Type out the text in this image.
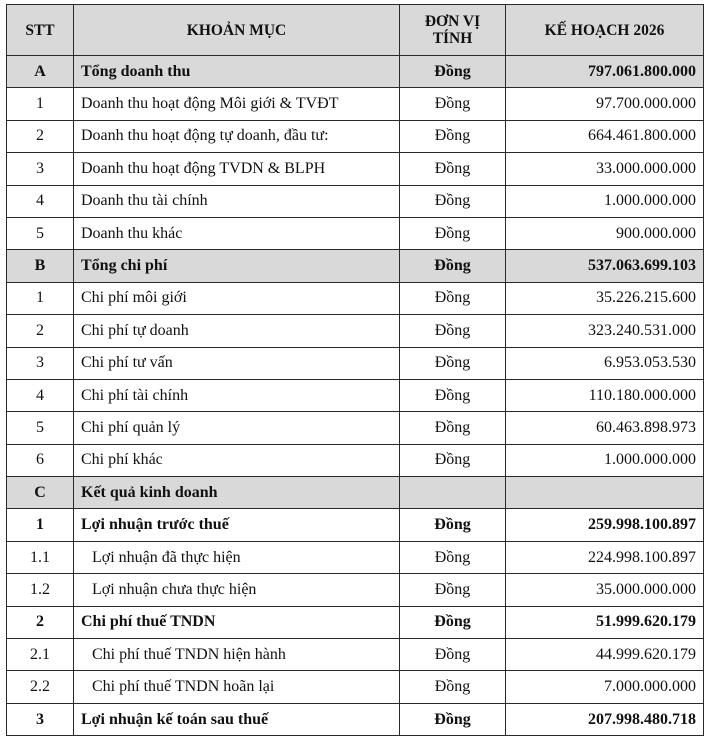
STT	KHOẢN MỤC	ĐƠN VỊ TÍNH	KẾ HOẠCH 2026
A	Tổng doanh thu	Đồng	797.061.800.000
1	Doanh thu hoạt động Môi giới & TVĐT	Đồng	97.700.000.000
2	Doanh thu hoạt động tự doanh, đầu tư:	Đồng	664.461.800.000
3	Doanh thu hoạt động TVDN & BLPH	Đồng	33.000.000.000
4	Doanh thu tài chính	Đồng	1.000.000.000
5	Doanh thu khác	Đồng	900.000.000
B	Tổng chi phí	Đồng	537.063.699.103
1	Chi phí môi giới	Đồng	35.226.215.600
2	Chi phí tự doanh	Đồng	323.240.531.000
3	Chi phí tư vấn	Đồng	6.953.053.530
4	Chi phí tài chính	Đồng	110.180.000.000
5	Chi phí quản lý	Đồng	60.463.898.973
6	Chi phí khác	Đồng	1.000.000.000
C	Kết quả kinh doanh		
1	Lợi nhuận trước thuế	Đồng	259.998.100.897
1.1	Lợi nhuận đã thực hiện	Đồng	224.998.100.897
1.2	Lợi nhuận chưa thực hiện	Đồng	35.000.000.000
2	Chi phí thuế TNDN	Đồng	51.999.620.179
2.1	Chi phí thuế TNDN hiện hành	Đồng	44.999.620.179
2.2	Chi phí thuế TNDN hoãn lại	Đồng	7.000.000.000
3	Lợi nhuận kế toán sau thuế	Đồng	207.998.480.718
